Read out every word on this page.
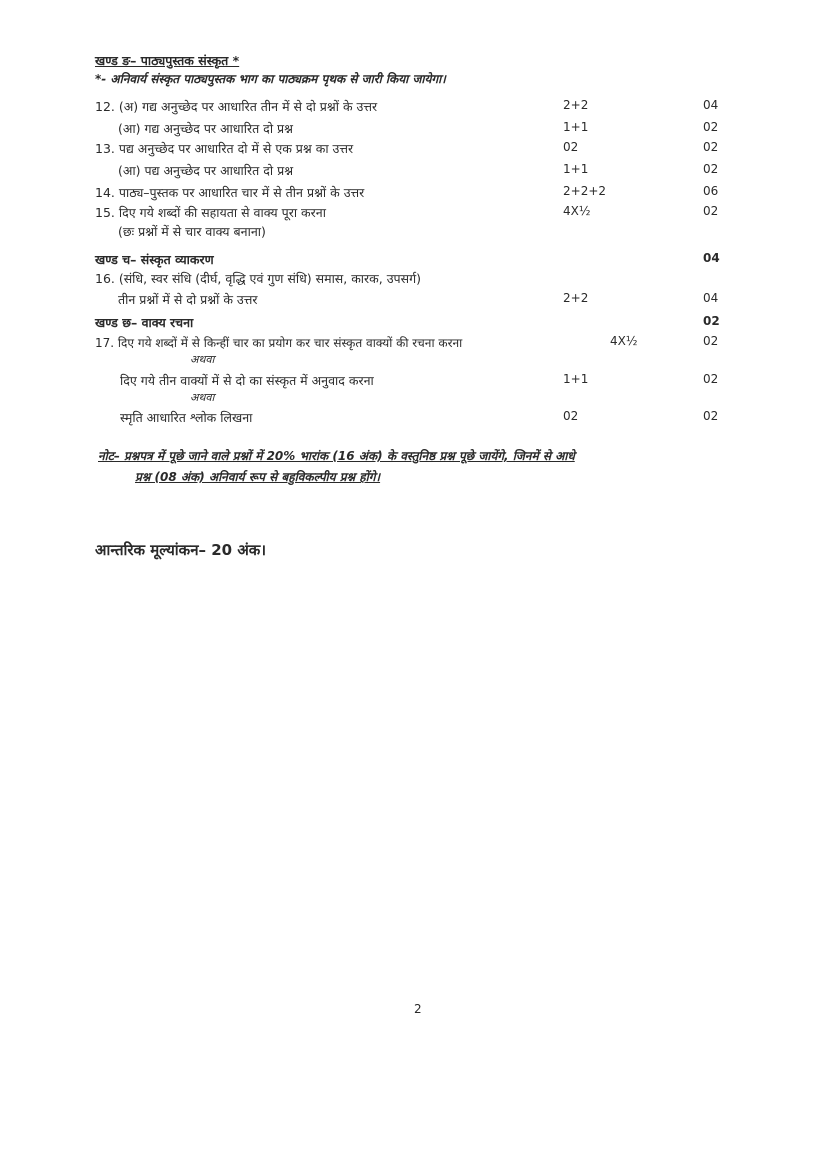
खण्ड ङ– पाठ्यपुस्तक संस्कृत *
*- अनिवार्य संस्कृत पाठ्यपुस्तक भाग का पाठ्यक्रम पृथक से जारी किया जायेगा।
12. (अ) गद्य अनुच्छेद पर आधारित तीन में से दो प्रश्नों के उत्तर	2+2	04
(आ) गद्य अनुच्छेद पर आधारित दो प्रश्न	1+1	02
13. पद्य अनुच्छेद पर आधारित दो में से एक प्रश्न का उत्तर	02	02
(आ) पद्य अनुच्छेद पर आधारित दो प्रश्न	1+1	02
14. पाठ्य–पुस्तक पर आधारित चार में से तीन प्रश्नों के उत्तर	2+2+2	06
15. दिए गये शब्दों की सहायता से वाक्य पूरा करना	4X½	02
(छः प्रश्नों में से चार वाक्य बनाना)
खण्ड च– संस्कृत व्याकरण	04
16. (संधि, स्वर संधि (दीर्घ, वृद्धि एवं गुण संधि) समास, कारक, उपसर्ग)
तीन प्रश्नों में से दो प्रश्नों के उत्तर	2+2	04
खण्ड छ– वाक्य रचना	02
17. दिए गये शब्दों में से किन्हीं चार का प्रयोग कर चार संस्कृत वाक्यों की रचना करना	4X½	02
अथवा
दिए गये तीन वाक्यों में से दो का संस्कृत में अनुवाद करना	1+1	02
अथवा
स्मृति आधारित श्लोक लिखना	02	02
नोट– प्रश्नपत्र में पूछे जाने वाले प्रश्नों में 20% भारांक (16 अंक) के वस्तुनिष्ठ प्रश्न पूछे जायेंगे, जिनमें से आधे
प्रश्न (08 अंक) अनिवार्य रूप से बहुविकल्पीय प्रश्न होंगे।
आन्तरिक मूल्यांकन– 20 अंक।
2
